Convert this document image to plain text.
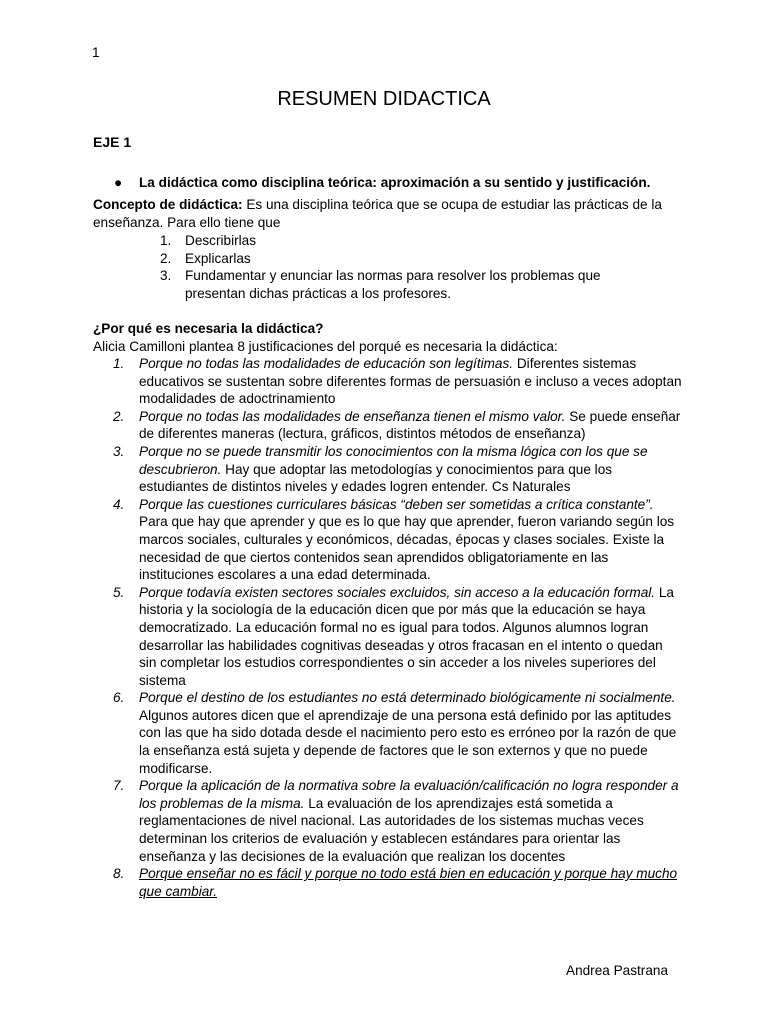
1
RESUMEN DIDACTICA
EJE 1
●	La didáctica como disciplina teórica: aproximación a su sentido y justificación.
Concepto de didáctica: Es una disciplina teórica que se ocupa de estudiar las prácticas de la enseñanza. Para ello tiene que
1.	Describirlas
2.	Explicarlas
3.	Fundamentar y enunciar las normas para resolver los problemas que presentan dichas prácticas a los profesores.
¿Por qué es necesaria la didáctica?
Alicia Camilloni plantea 8 justificaciones del porqué es necesaria la didáctica:
1.	Porque no todas las modalidades de educación son legítimas. Diferentes sistemas educativos se sustentan sobre diferentes formas de persuasión e incluso a veces adoptan modalidades de adoctrinamiento
2.	Porque no todas las modalidades de enseñanza tienen el mismo valor. Se puede enseñar de diferentes maneras (lectura, gráficos, distintos métodos de enseñanza)
3.	Porque no se puede transmitir los conocimientos con la misma lógica con los que se descubrieron. Hay que adoptar las metodologías y conocimientos para que los estudiantes de distintos niveles y edades logren entender. Cs Naturales
4.	Porque las cuestiones curriculares básicas “deben ser sometidas a crítica constante”. Para que hay que aprender y que es lo que hay que aprender, fueron variando según los marcos sociales, culturales y económicos, décadas, épocas y clases sociales. Existe la necesidad de que ciertos contenidos sean aprendidos obligatoriamente en las instituciones escolares a una edad determinada.
5.	Porque todavía existen sectores sociales excluidos, sin acceso a la educación formal. La historia y la sociología de la educación dicen que por más que la educación se haya democratizado. La educación formal no es igual para todos. Algunos alumnos logran desarrollar las habilidades cognitivas deseadas y otros fracasan en el intento o quedan sin completar los estudios correspondientes o sin acceder a los niveles superiores del sistema
6.	Porque el destino de los estudiantes no está determinado biológicamente ni socialmente. Algunos autores dicen que el aprendizaje de una persona está definido por las aptitudes con las que ha sido dotada desde el nacimiento pero esto es erróneo por la razón de que la enseñanza está sujeta y depende de factores que le son externos y que no puede modificarse.
7.	Porque la aplicación de la normativa sobre la evaluación/calificación no logra responder a los problemas de la misma. La evaluación de los aprendizajes está sometida a reglamentaciones de nivel nacional. Las autoridades de los sistemas muchas veces determinan los criterios de evaluación y establecen estándares para orientar las enseñanza y las decisiones de la evaluación que realizan los docentes
8.	Porque enseñar no es fácil y porque no todo está bien en educación y porque hay mucho que cambiar.
Andrea Pastrana
